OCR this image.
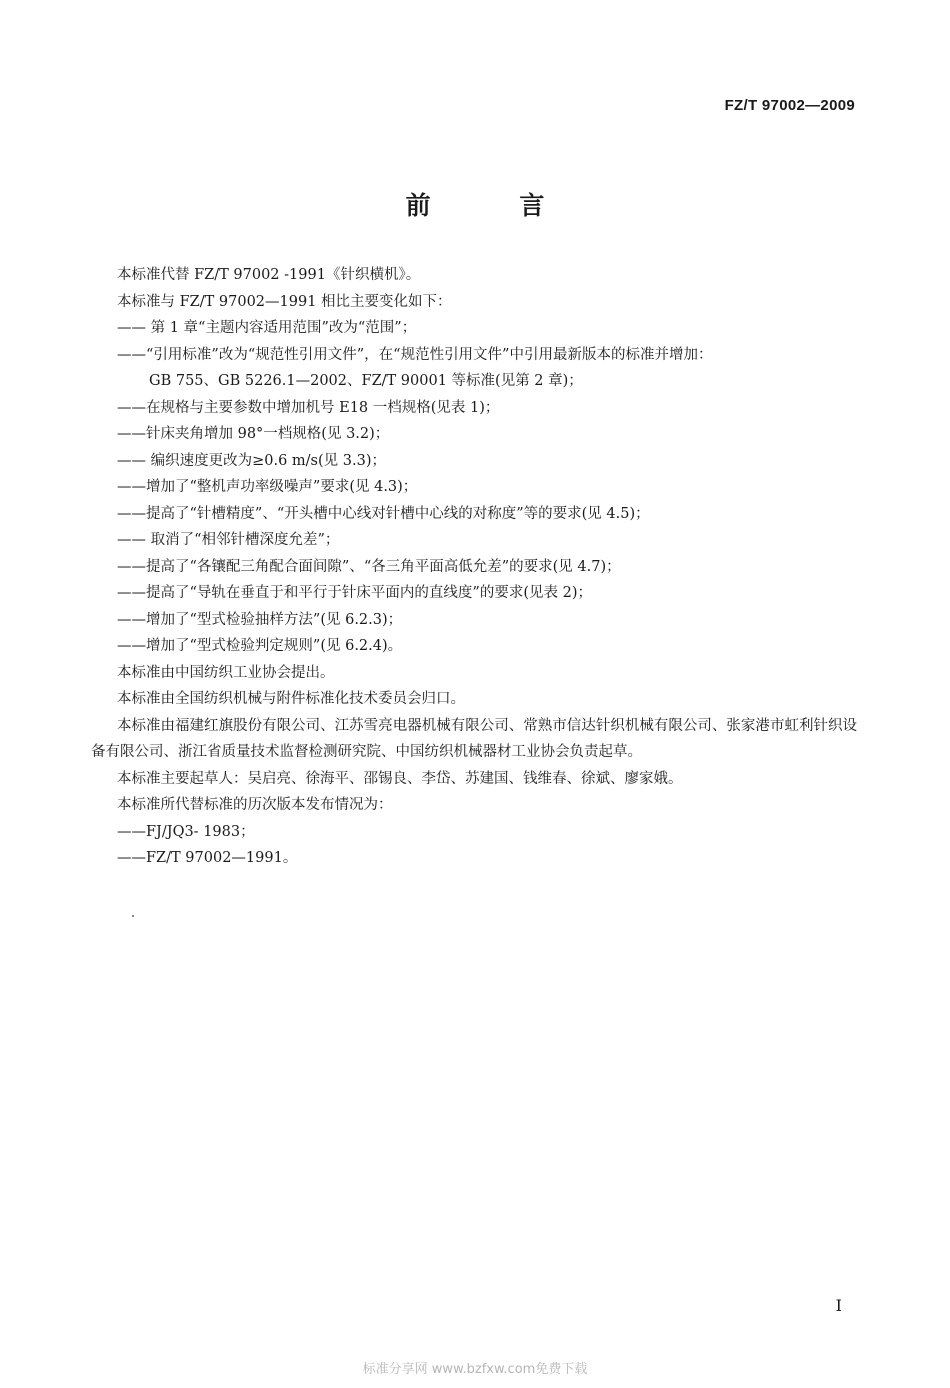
FZ/T 97002—2009
前 言

本标准代替 FZ/T 97002 -1991《针织横机》。

本标准与 FZ/T 97002—1991 相比主要变化如下：

—— 第 1 章“主题内容适用范围”改为“范围”；

——“引用标准”改为“规范性引用文件”，在“规范性引用文件”中引用最新版本的标准并增加：

GB 755、GB 5226.1—2002、FZ/T 90001 等标准(见第 2 章)；

——在规格与主要参数中增加机号 E18 一档规格(见表 1)；

——针床夹角增加 98°一档规格(见 3.2)；

—— 编织速度更改为≥0.6 m/s(见 3.3)；

——增加了“整机声功率级噪声”要求(见 4.3)；

——提高了“针槽精度”、“开头槽中心线对针槽中心线的对称度”等的要求(见 4.5)；

—— 取消了“相邻针槽深度允差”；

——提高了“各镶配三角配合面间隙”、“各三角平面高低允差”的要求(见 4.7)；

——提高了“导轨在垂直于和平行于针床平面内的直线度”的要求(见表 2)；

——增加了“型式检验抽样方法”(见 6.2.3)；

——增加了“型式检验判定规则”(见 6.2.4)。

本标准由中国纺织工业协会提出。

本标准由全国纺织机械与附件标准化技术委员会归口。

本标准由福建红旗股份有限公司、江苏雪亮电器机械有限公司、常熟市信达针织机械有限公司、张家港市虹利针织设备有限公司、浙江省质量技术监督检测研究院、中国纺织机械器材工业协会负责起草。

本标准主要起草人：吴启亮、徐海平、邵锡良、李岱、苏建国、钱维春、徐斌、廖家娥。

本标准所代替标准的历次版本发布情况为：

——FJ/JQ3- 1983；

——FZ/T 97002—1991。

I
标准分享网 www.bzfxw.com免费下载
